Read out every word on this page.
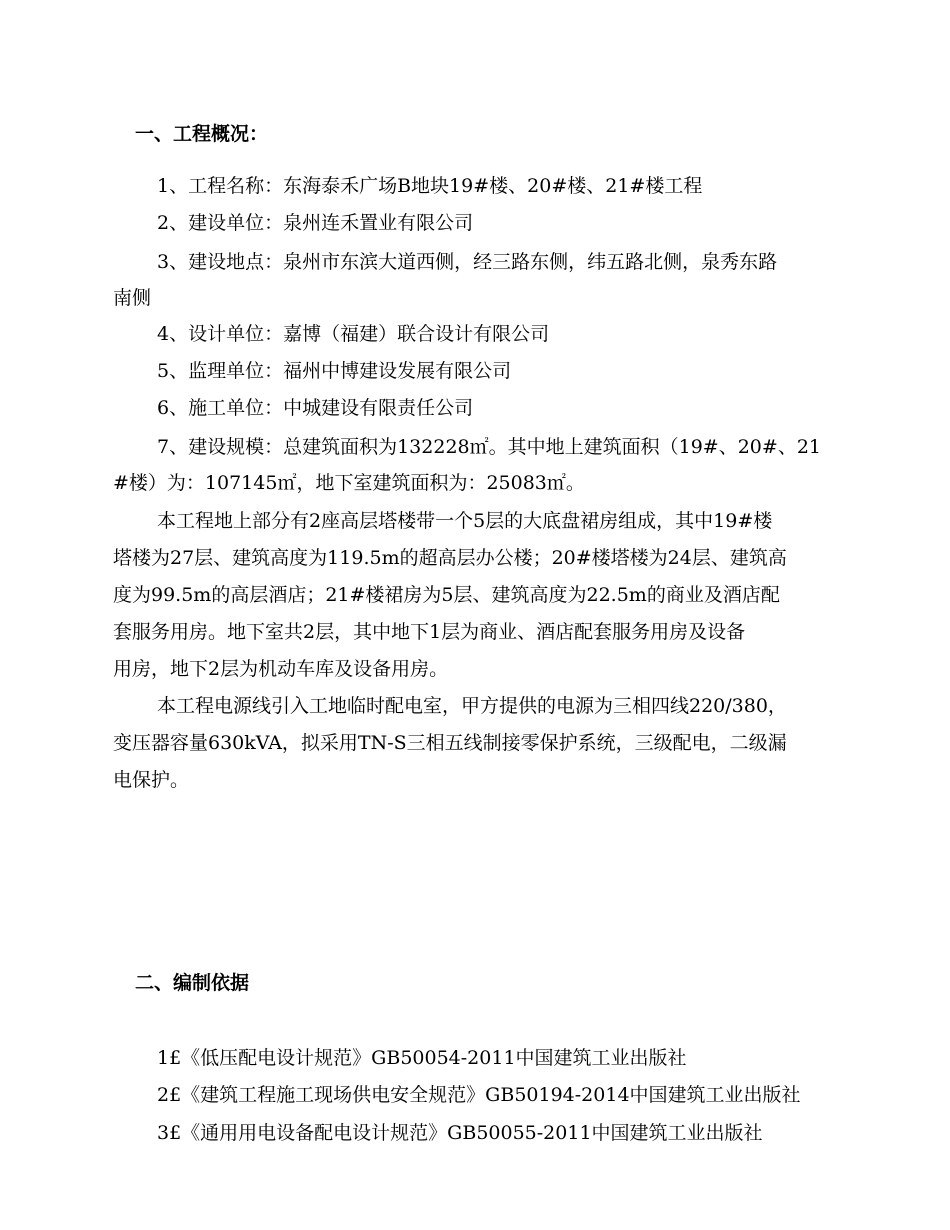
一、工程概况：
1、工程名称：东海泰禾广场B地块19#楼、20#楼、21#楼工程
2、建设单位：泉州连禾置业有限公司
3、建设地点：泉州市东滨大道西侧，经三路东侧，纬五路北侧，泉秀东路
南侧
4、设计单位：嘉博（福建）联合设计有限公司
5、监理单位：福州中博建设发展有限公司
6、施工单位：中城建设有限责任公司
7、建设规模：总建筑面积为132228㎡。其中地上建筑面积（19#、20#、21
#楼）为：107145㎡，地下室建筑面积为：25083㎡。
本工程地上部分有2座高层塔楼带一个5层的大底盘裙房组成，其中19#楼
塔楼为27层、建筑高度为119.5m的超高层办公楼；20#楼塔楼为24层、建筑高
度为99.5m的高层酒店；21#楼裙房为5层、建筑高度为22.5m的商业及酒店配
套服务用房。地下室共2层，其中地下1层为商业、酒店配套服务用房及设备
用房，地下2层为机动车库及设备用房。
本工程电源线引入工地临时配电室，甲方提供的电源为三相四线220/380，
变压器容量630kVA，拟采用TN-S三相五线制接零保护系统，三级配电，二级漏
电保护。
二、编制依据
1£《低压配电设计规范》GB50054-2011中国建筑工业出版社
2£《建筑工程施工现场供电安全规范》GB50194-2014中国建筑工业出版社
3£《通用用电设备配电设计规范》GB50055-2011中国建筑工业出版社
